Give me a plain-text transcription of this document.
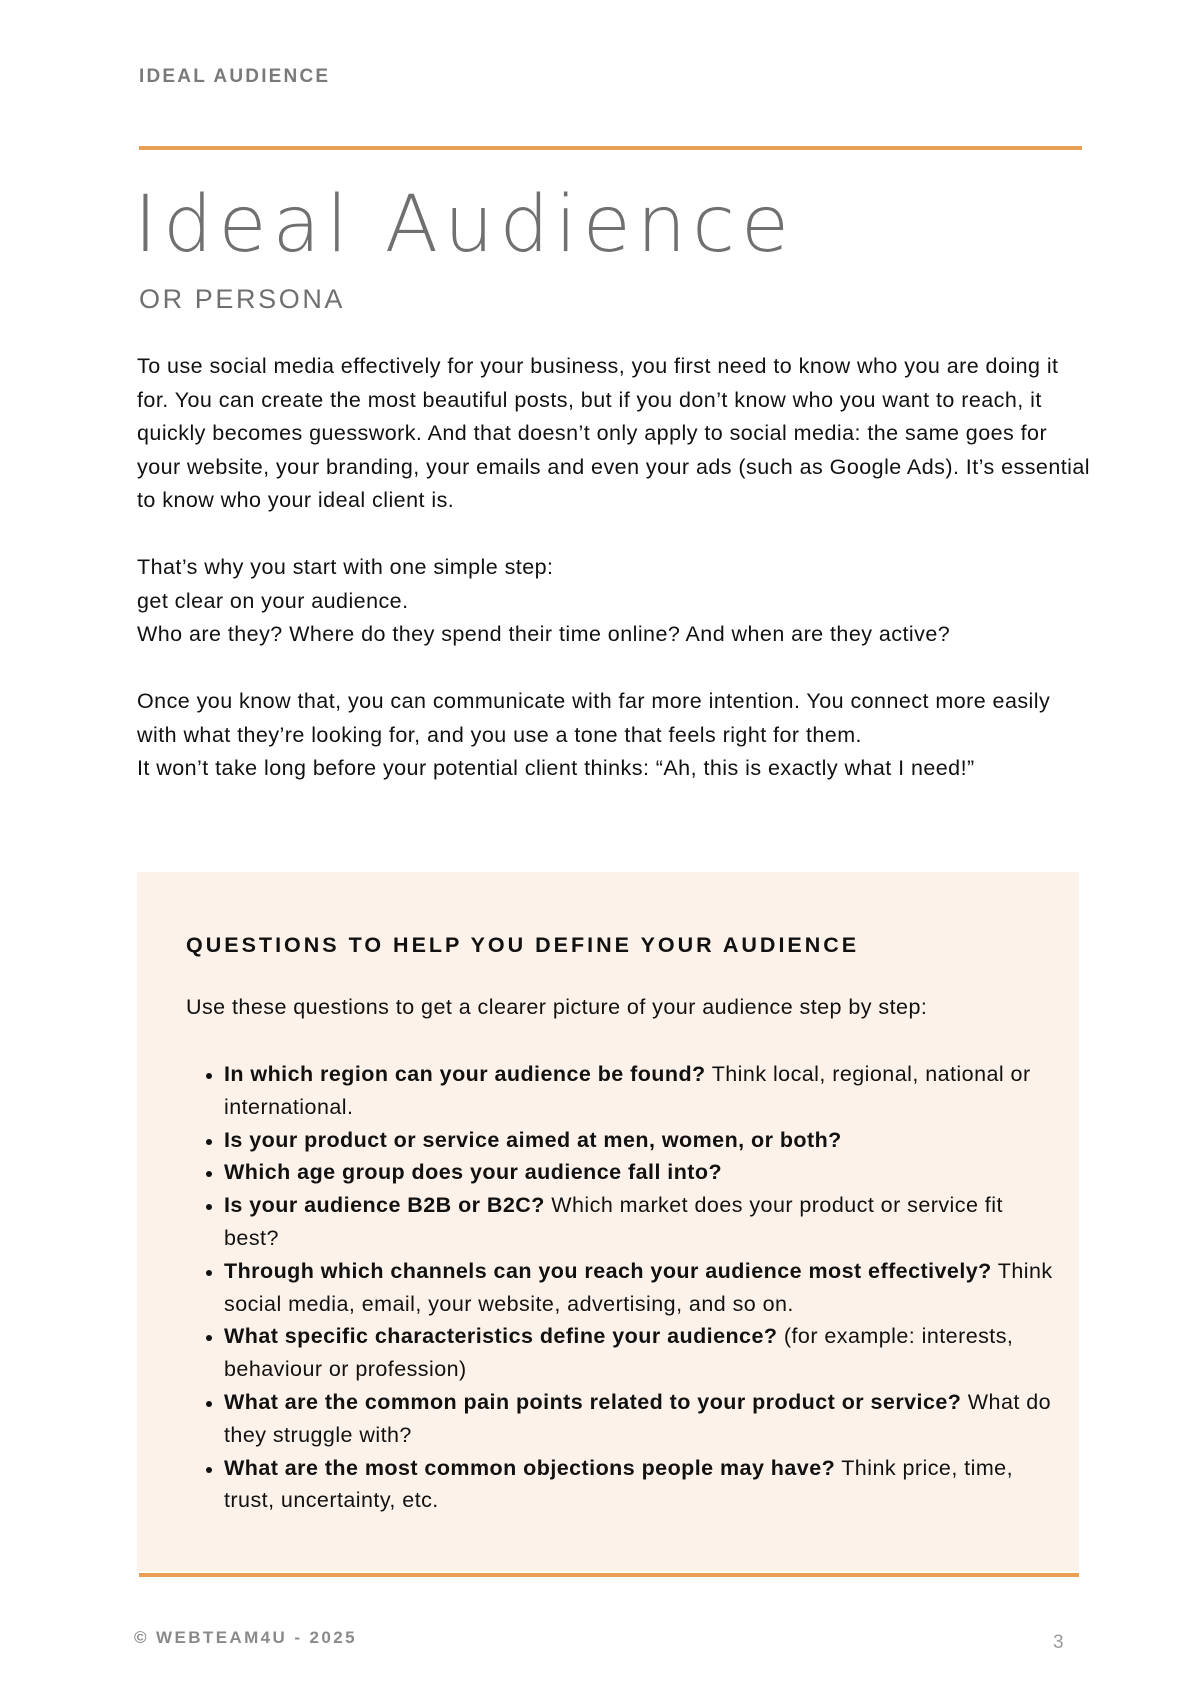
IDEAL AUDIENCE
Ideal Audience
OR PERSONA

To use social media effectively for your business, you first need to know who you are doing it for. You can create the most beautiful posts, but if you don’t know who you want to reach, it quickly becomes guesswork. And that doesn’t only apply to social media: the same goes for your website, your branding, your emails and even your ads (such as Google Ads). It’s essential to know who your ideal client is.

That’s why you start with one simple step:
get clear on your audience.
Who are they? Where do they spend their time online? And when are they active?

Once you know that, you can communicate with far more intention. You connect more easily with what they’re looking for, and you use a tone that feels right for them.
It won’t take long before your potential client thinks: “Ah, this is exactly what I need!”

QUESTIONS TO HELP YOU DEFINE YOUR AUDIENCE

Use these questions to get a clearer picture of your audience step by step:

• In which region can your audience be found? Think local, regional, national or international.
• Is your product or service aimed at men, women, or both?
• Which age group does your audience fall into?
• Is your audience B2B or B2C? Which market does your product or service fit best?
• Through which channels can you reach your audience most effectively? Think social media, email, your website, advertising, and so on.
• What specific characteristics define your audience? (for example: interests, behaviour or profession)
• What are the common pain points related to your product or service? What do they struggle with?
• What are the most common objections people may have? Think price, time, trust, uncertainty, etc.
© WEBTEAM4U - 2025	3
